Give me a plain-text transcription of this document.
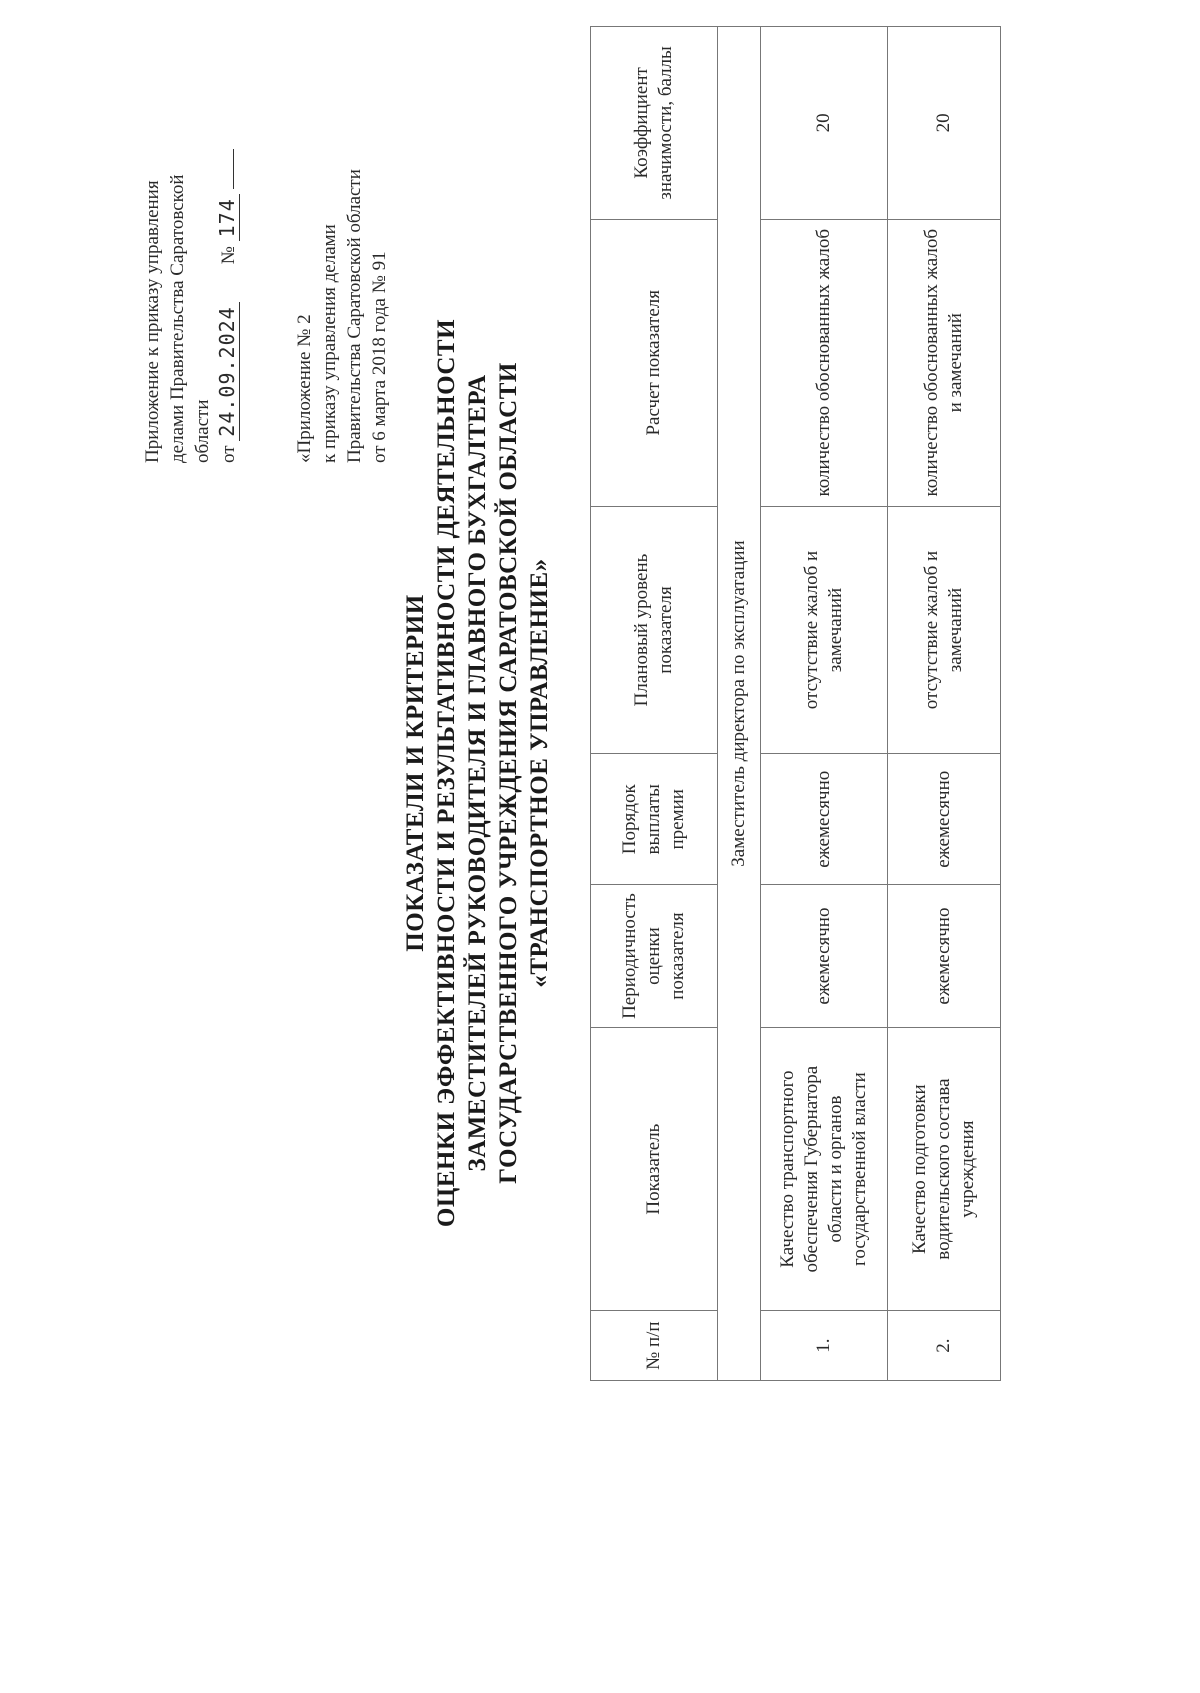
Приложение к приказу управления делами Правительства Саратовской области от 24.09.2024        № 174
«Приложение № 2 к приказу управления делами Правительства Саратовской области от 6 марта 2018 года № 91
ПОКАЗАТЕЛИ И КРИТЕРИИ ОЦЕНКИ ЭФФЕКТИВНОСТИ И РЕЗУЛЬТАТИВНОСТИ ДЕЯТЕЛЬНОСТИ ЗАМЕСТИТЕЛЕЙ РУКОВОДИТЕЛЯ И ГЛАВНОГО БУХГАЛТЕРА ГОСУДАРСТВЕННОГО УЧРЕЖДЕНИЯ САРАТОВСКОЙ ОБЛАСТИ «ТРАНСПОРТНОЕ УПРАВЛЕНИЕ»
№ п/п	Показатель	Периодичность оценки показателя	Порядок выплаты премии	Плановый уровень показателя	Расчет показателя	Коэффициент значимости, баллы
Заместитель директора по эксплуатации						
1.	Качество транспортного обеспечения Губернатора области и органов государственной власти	ежемесячно	ежемесячно	отсутствие жалоб и замечаний	количество обоснованных жалоб	20
2.	Качество подготовки водительского состава учреждения	ежемесячно	ежемесячно	отсутствие жалоб и замечаний	количество обоснованных жалоб и замечаний	20
